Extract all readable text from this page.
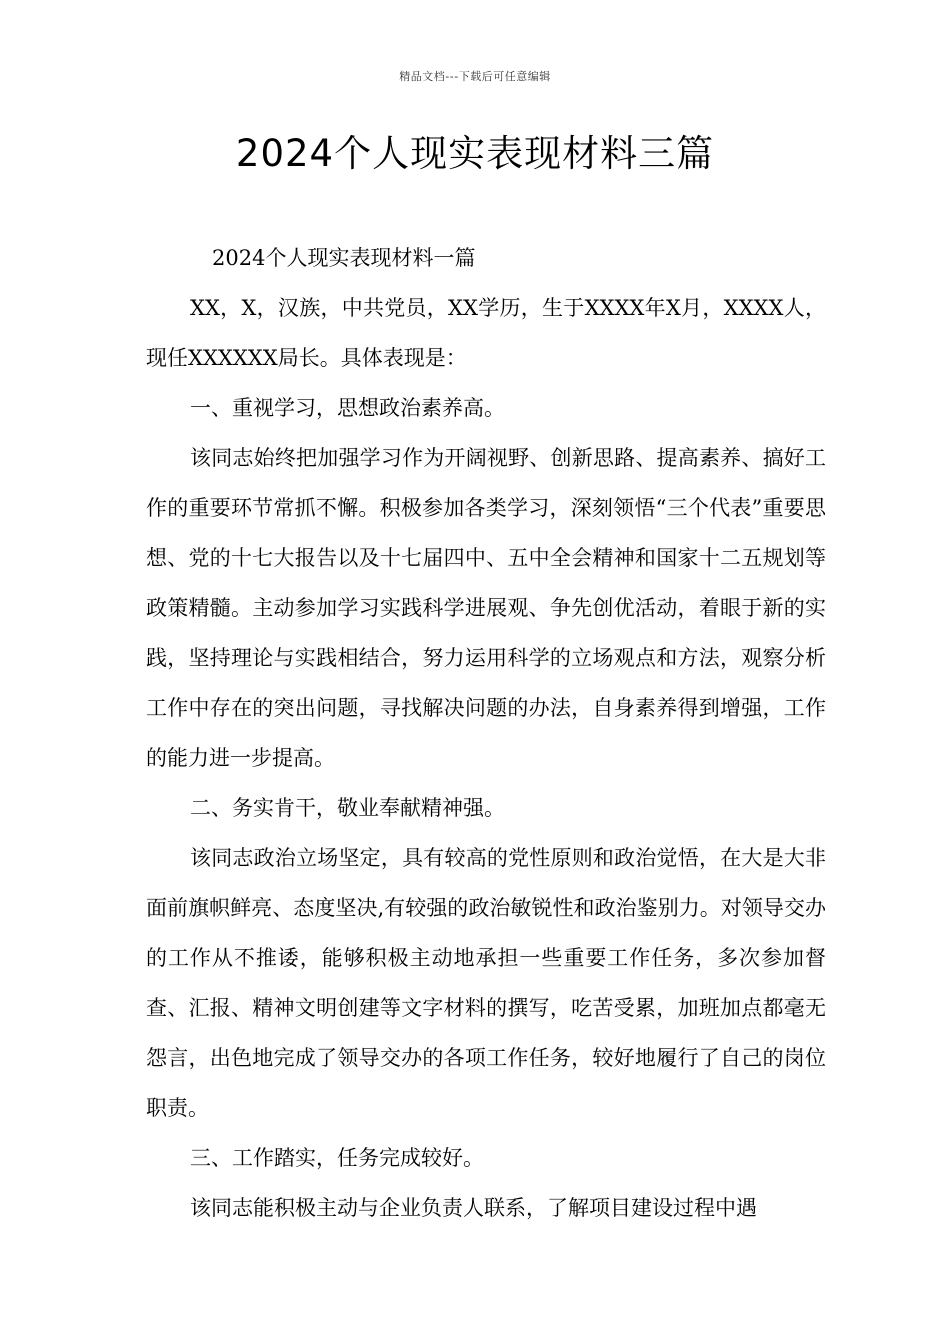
精品文档---下载后可任意编辑
2024个人现实表现材料三篇

2024个人现实表现材料一篇

XX，X，汉族，中共党员，XX学历，生于XXXX年X月，XXXX人，现任XXXXXX局长。具体表现是：

一、重视学习，思想政治素养高。

该同志始终把加强学习作为开阔视野、创新思路、提高素养、搞好工作的重要环节常抓不懈。积极参加各类学习，深刻领悟“三个代表”重要思想、党的十七大报告以及十七届四中、五中全会精神和国家十二五规划等政策精髓。主动参加学习实践科学进展观、争先创优活动，着眼于新的实践，坚持理论与实践相结合，努力运用科学的立场观点和方法，观察分析工作中存在的突出问题，寻找解决问题的办法，自身素养得到增强，工作的能力进一步提高。

二、务实肯干，敬业奉献精神强。

该同志政治立场坚定，具有较高的党性原则和政治觉悟，在大是大非面前旗帜鲜亮、态度坚决,有较强的政治敏锐性和政治鉴别力。对领导交办的工作从不推诿，能够积极主动地承担一些重要工作任务，多次参加督查、汇报、精神文明创建等文字材料的撰写，吃苦受累，加班加点都毫无怨言，出色地完成了领导交办的各项工作任务，较好地履行了自己的岗位职责。

三、工作踏实，任务完成较好。

该同志能积极主动与企业负责人联系，了解项目建设过程中遇
